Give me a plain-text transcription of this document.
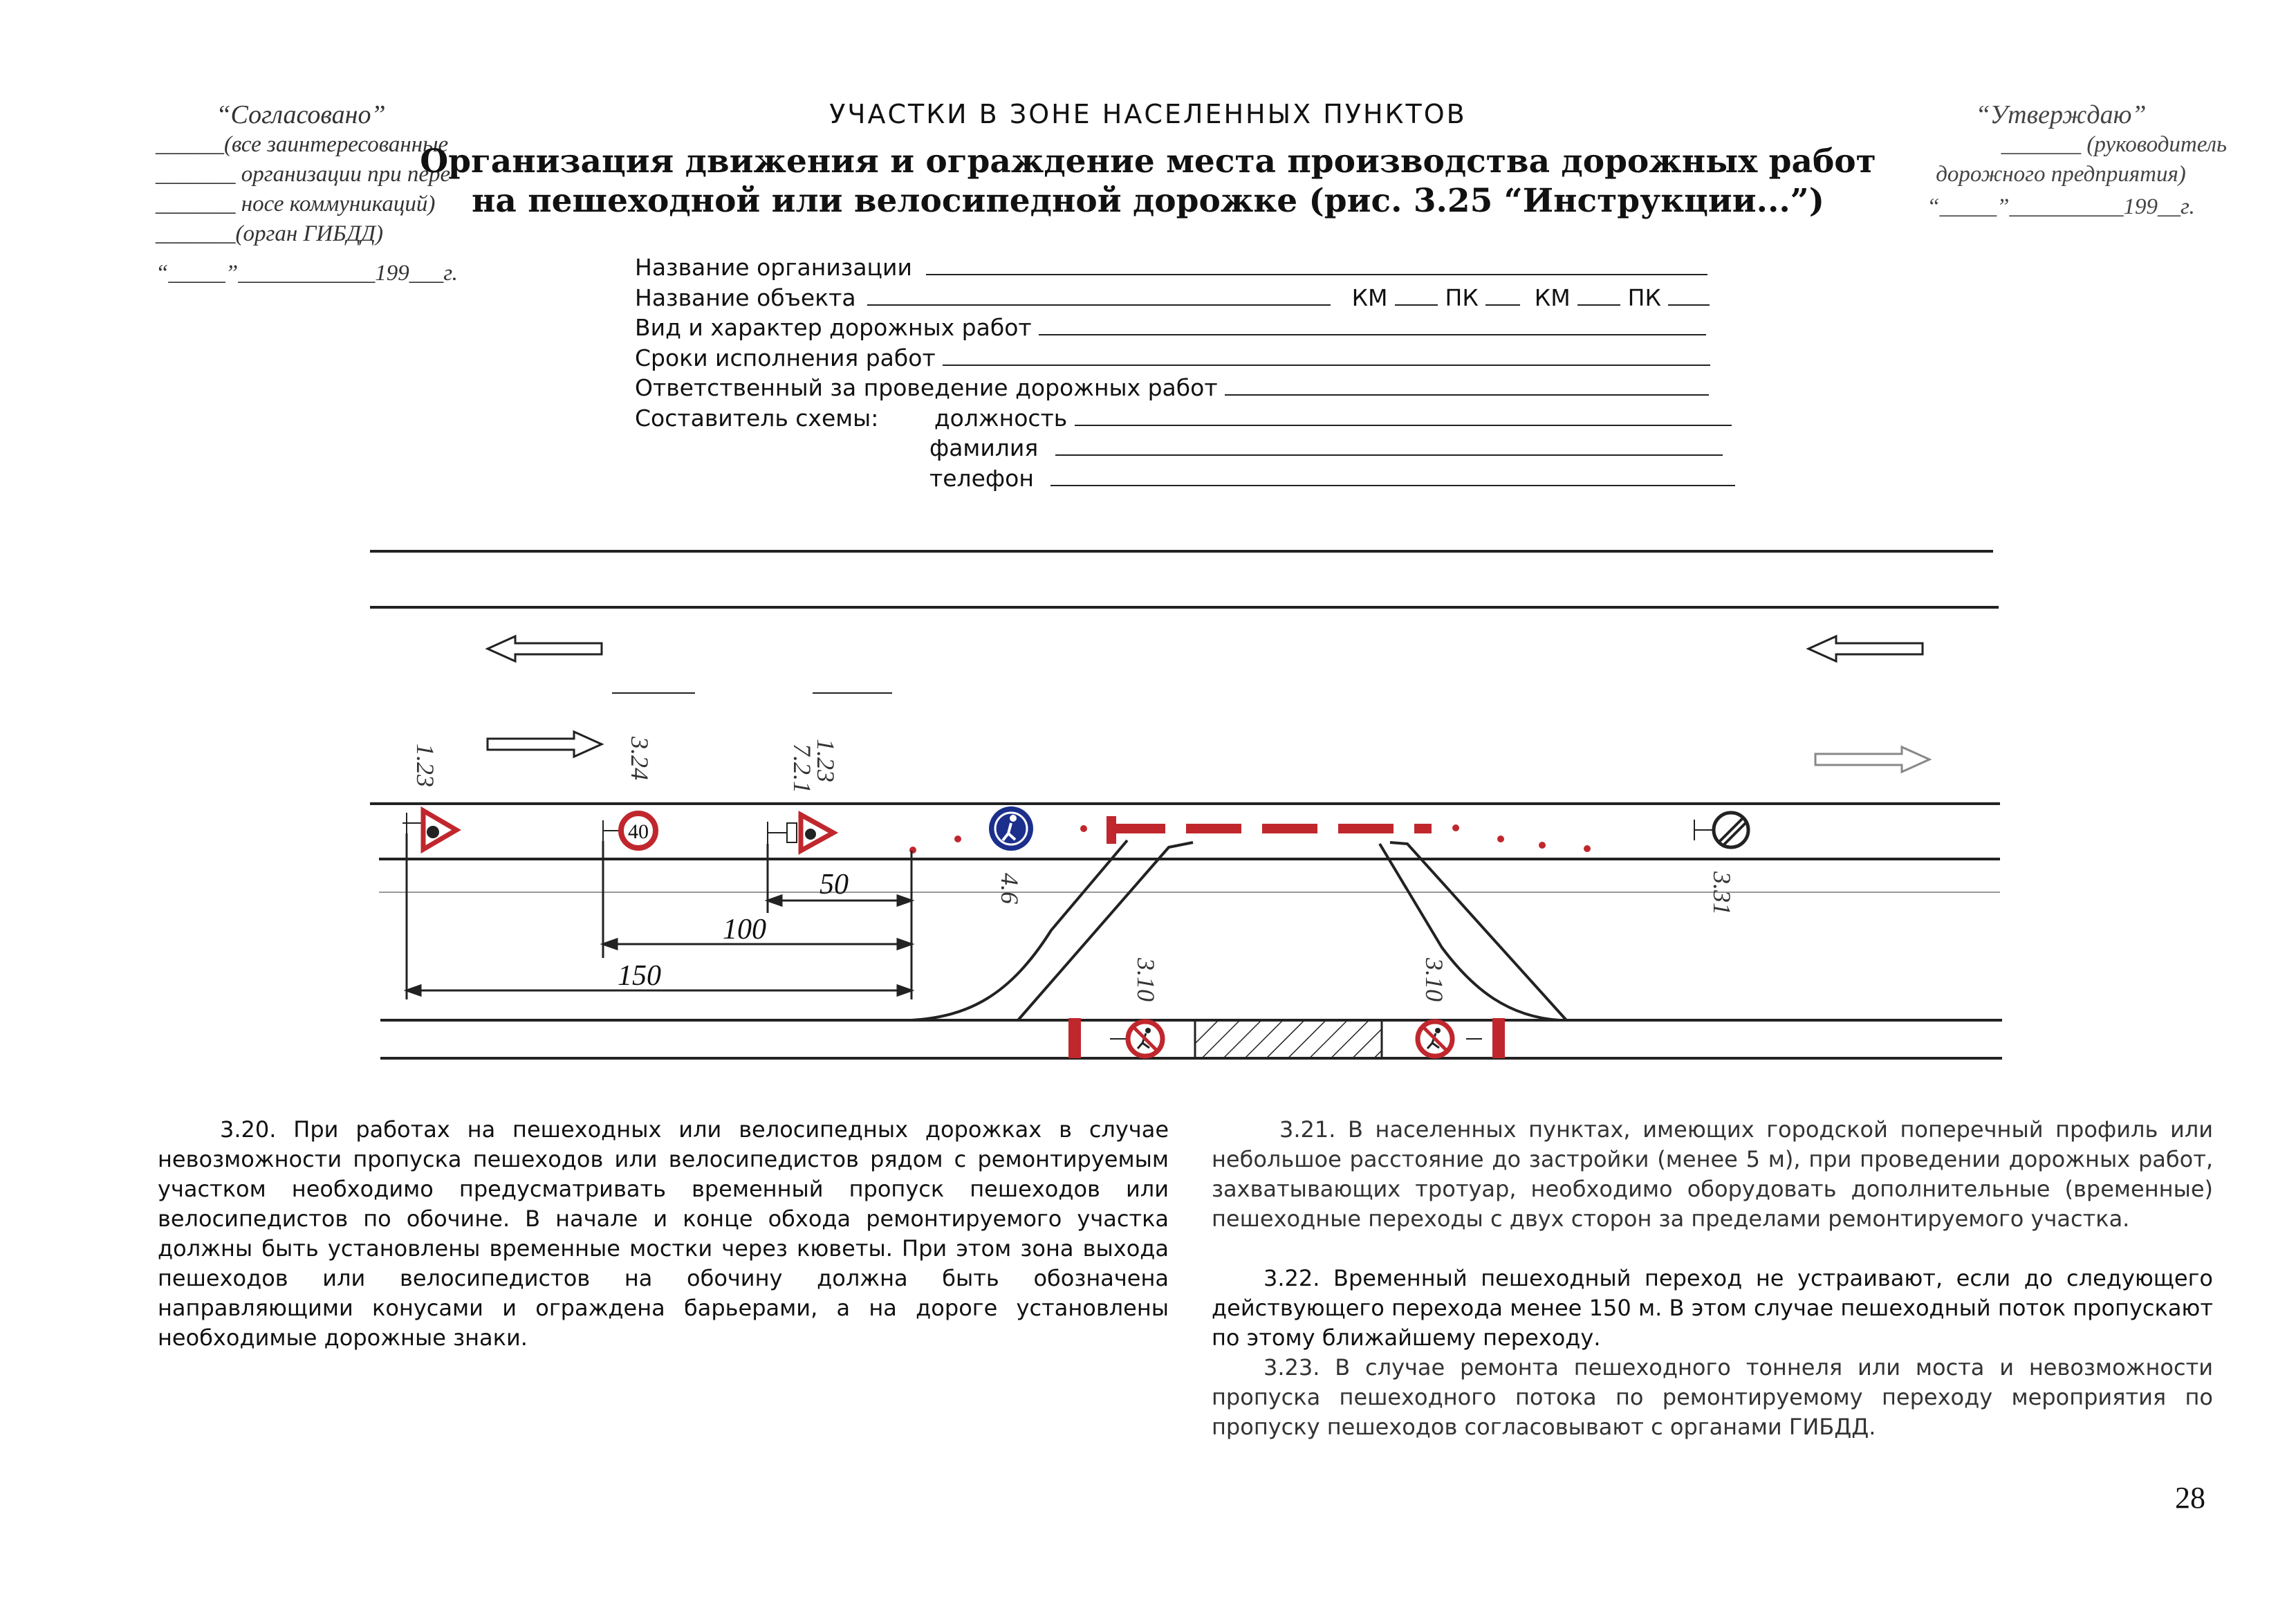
“Согласовано”
______(все заинтересованные
_______ организации при пере-
_______ носе коммуникаций)
_______(орган ГИБДД)
“_____”____________199___г.
“Утверждаю”
_______ (руководитель
дорожного предприятия)
“_____”__________199__г.
УЧАСТКИ В ЗОНЕ НАСЕЛЕННЫХ ПУНКТОВ
Организация движения и ограждение места производства дорожных работ
на пешеходной или велосипедной дорожке (рис. 3.25 “Инструкции...”)
Название организации
Название объекта	КМ	ПК КМ	ПК
Вид и характер дорожных работ
Сроки исполнения работ
Ответственный за проведение дорожных работ
Составитель схемы: должность
фамилия
телефон
40
1.23	3.24	1.23
7.2.1
4.6	3.31
3.10	3.10
50
100
150
3.20. При работах на пешеходных или велосипедных дорожках в случае невозможности пропуска пешеходов или велосипедистов рядом с ремонтируемым участком необходимо предусматривать временный пропуск пешеходов или велосипедистов по обочине. В начале и конце обхода ремонтируемого участка должны быть установлены временные мостки через кюветы. При этом зона выхода пешеходов или велосипедистов на обочину должна быть обозначена направляющими конусами и ограждена барьерами, а на дороге установлены необходимые дорожные знаки.
3.21. В населенных пунктах, имеющих городской поперечный профиль или небольшое расстояние до застройки (менее 5 м), при проведении дорожных работ, захватывающих тротуар, необходимо оборудовать дополнительные (временные) пешеходные переходы с двух сторон за пределами ремонтируемого участка.
3.22. Временный пешеходный переход не устраивают, если до следующего действующего перехода менее 150 м. В этом случае пешеходный поток пропускают по этому ближайшему переходу.
3.23. В случае ремонта пешеходного тоннеля или моста и невозможности пропуска пешеходного потока по ремонтируемому переходу мероприятия по пропуску пешеходов согласовывают с органами ГИБДД.
28
